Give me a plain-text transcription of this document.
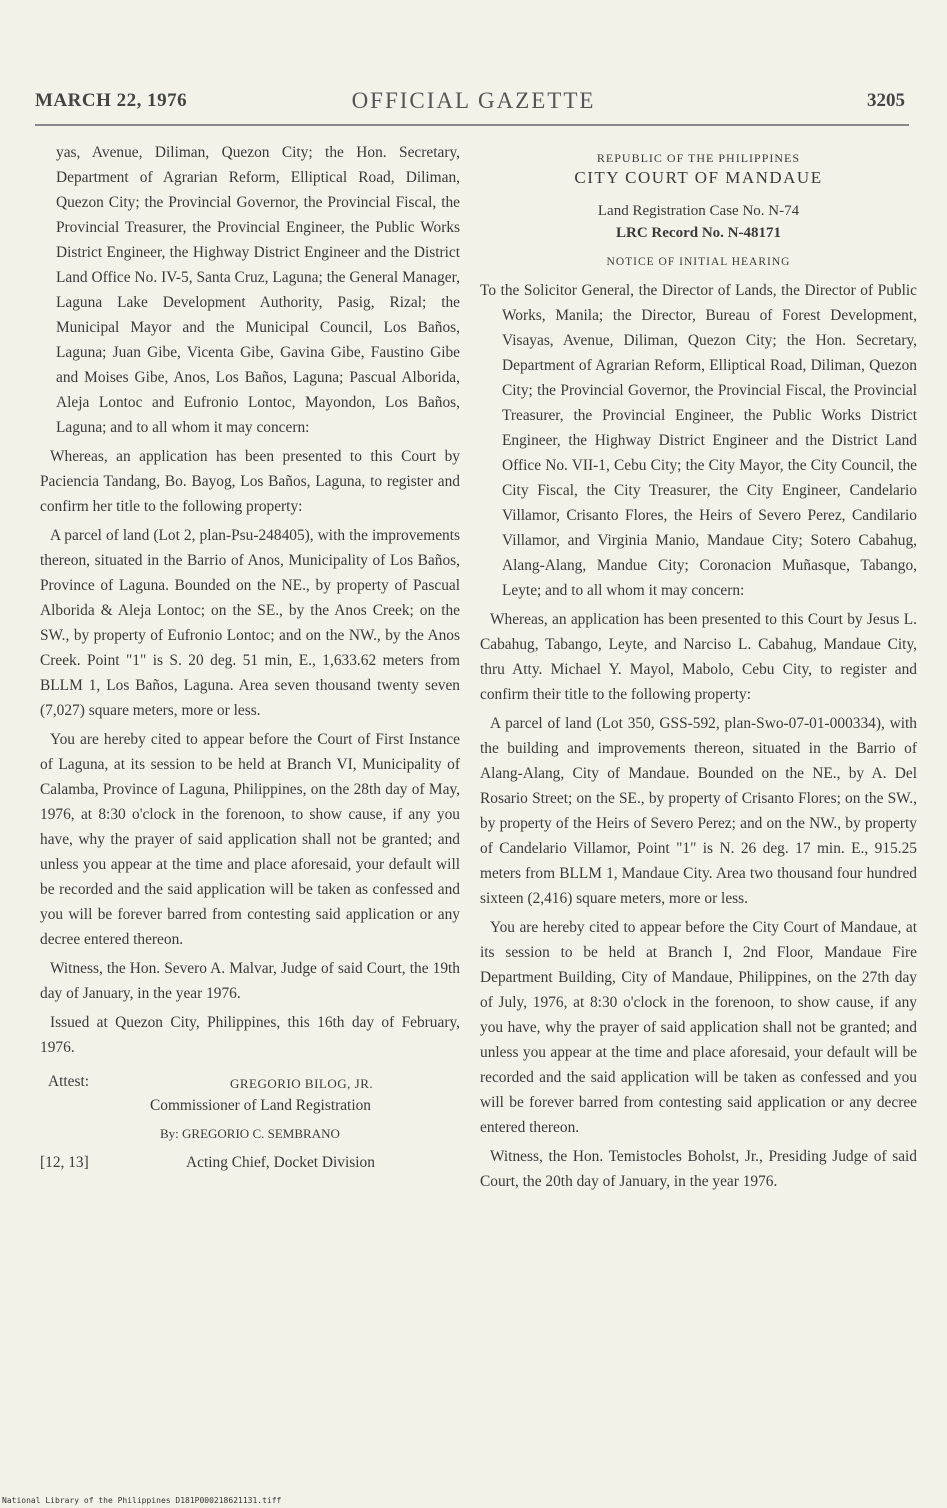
MARCH 22, 1976	OFFICIAL GAZETTE	3205

yas, Avenue, Diliman, Quezon City; the Hon. Secretary, Department of Agrarian Reform, Elliptical Road, Diliman, Quezon City; the Provincial Governor, the Provincial Fiscal, the Provincial Treasurer, the Provincial Engineer, the Public Works District Engineer, the Highway District Engineer and the District Land Office No. IV-5, Santa Cruz, Laguna; the General Manager, Laguna Lake Development Authority, Pasig, Rizal; the Municipal Mayor and the Municipal Council, Los Baños, Laguna; Juan Gibe, Vicenta Gibe, Gavina Gibe, Faustino Gibe and Moises Gibe, Anos, Los Baños, Laguna; Pascual Alborida, Aleja Lontoc and Eufronio Lontoc, Mayondon, Los Baños, Laguna; and to all whom it may concern:

Whereas, an application has been presented to this Court by Paciencia Tandang, Bo. Bayog, Los Baños, Laguna, to register and confirm her title to the following property:

A parcel of land (Lot 2, plan-Psu-248405), with the improvements thereon, situated in the Barrio of Anos, Municipality of Los Baños, Province of Laguna. Bounded on the NE., by property of Pascual Alborida & Aleja Lontoc; on the SE., by the Anos Creek; on the SW., by property of Eufronio Lontoc; and on the NW., by the Anos Creek. Point "1" is S. 20 deg. 51 min, E., 1,633.62 meters from BLLM 1, Los Baños, Laguna. Area seven thousand twenty seven (7,027) square meters, more or less.

You are hereby cited to appear before the Court of First Instance of Laguna, at its session to be held at Branch VI, Municipality of Calamba, Province of Laguna, Philippines, on the 28th day of May, 1976, at 8:30 o'clock in the forenoon, to show cause, if any you have, why the prayer of said application shall not be granted; and unless you appear at the time and place aforesaid, your default will be recorded and the said application will be taken as confessed and you will be forever barred from contesting said application or any decree entered thereon.

Witness, the Hon. Severo A. Malvar, Judge of said Court, the 19th day of January, in the year 1976.

Issued at Quezon City, Philippines, this 16th day of February, 1976.

Attest:	GREGORIO BILOG, JR.
Commissioner of Land Registration
By: GREGORIO C. SEMBRANO
[12, 13]	Acting Chief, Docket Division

REPUBLIC OF THE PHILIPPINES

CITY COURT OF MANDAUE

Land Registration Case No. N-74

LRC Record No. N-48171

NOTICE OF INITIAL HEARING

To the Solicitor General, the Director of Lands, the Director of Public Works, Manila; the Director, Bureau of Forest Development, Visayas, Avenue, Diliman, Quezon City; the Hon. Secretary, Department of Agrarian Reform, Elliptical Road, Diliman, Quezon City; the Provincial Governor, the Provincial Fiscal, the Provincial Treasurer, the Provincial Engineer, the Public Works District Engineer, the Highway District Engineer and the District Land Office No. VII-1, Cebu City; the City Mayor, the City Council, the City Fiscal, the City Treasurer, the City Engineer, Candelario Villamor, Crisanto Flores, the Heirs of Severo Perez, Candilario Villamor, and Virginia Manio, Mandaue City; Sotero Cabahug, Alang-Alang, Mandue City; Coronacion Muñasque, Tabango, Leyte; and to all whom it may concern:

Whereas, an application has been presented to this Court by Jesus L. Cabahug, Tabango, Leyte, and Narciso L. Cabahug, Mandaue City, thru Atty. Michael Y. Mayol, Mabolo, Cebu City, to register and confirm their title to the following property:

A parcel of land (Lot 350, GSS-592, plan-Swo-07-01-000334), with the building and improvements thereon, situated in the Barrio of Alang-Alang, City of Mandaue. Bounded on the NE., by A. Del Rosario Street; on the SE., by property of Crisanto Flores; on the SW., by property of the Heirs of Severo Perez; and on the NW., by property of Candelario Villamor, Point "1" is N. 26 deg. 17 min. E., 915.25 meters from BLLM 1, Mandaue City. Area two thousand four hundred sixteen (2,416) square meters, more or less.

You are hereby cited to appear before the City Court of Mandaue, at its session to be held at Branch I, 2nd Floor, Mandaue Fire Department Building, City of Mandaue, Philippines, on the 27th day of July, 1976, at 8:30 o'clock in the forenoon, to show cause, if any you have, why the prayer of said application shall not be granted; and unless you appear at the time and place aforesaid, your default will be recorded and the said application will be taken as confessed and you will be forever barred from contesting said application or any decree entered thereon.

Witness, the Hon. Temistocles Boholst, Jr., Presiding Judge of said Court, the 20th day of January, in the year 1976.

National Library of the Philippines D181P000218621131.tiff
